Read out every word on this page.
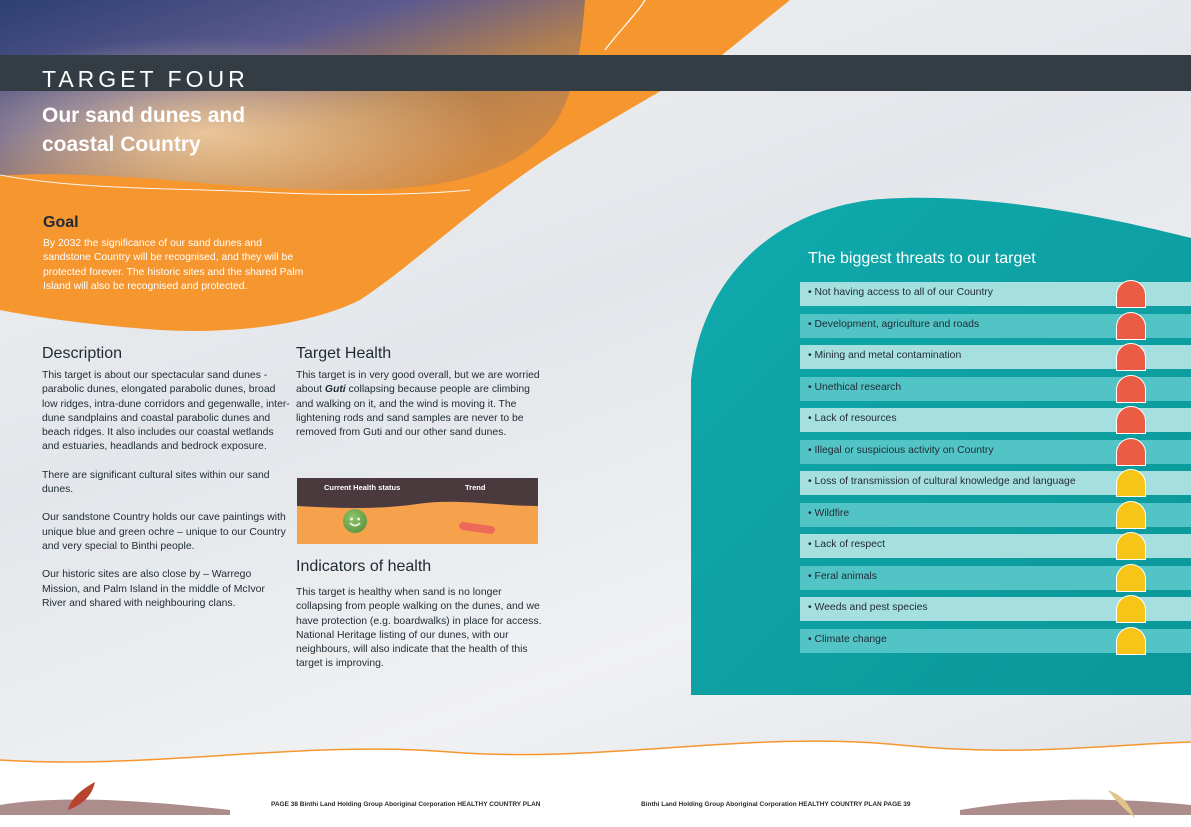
TARGET FOUR
Our sand dunes and coastal Country
Goal
By 2032 the significance of our sand dunes and sandstone Country will be recognised, and they will be protected forever. The historic sites and the shared Palm Island will also be recognised and protected.
Description

This target is about our spectacular sand dunes - parabolic dunes, elongated parabolic dunes, broad low ridges, intra-dune corridors and gegenwalle, inter-dune sandplains and coastal parabolic dunes and beach ridges. It also includes our coastal wetlands and estuaries, headlands and bedrock exposure.

There are significant cultural sites within our sand dunes.

Our sandstone Country holds our cave paintings with unique blue and green ochre – unique to our Country and very special to Binthi people.

Our historic sites are also close by – Warrego Mission, and Palm Island in the middle of McIvor River and shared with neighbouring clans.

Target Health
This target is in very good overall, but we are worried about Guti collapsing because people are climbing and walking on it, and the wind is moving it. The lightening rods and sand samples are never to be removed from Guti and our other sand dunes.
Current Health status	Trend
Indicators of health
This target is healthy when sand is no longer collapsing from people walking on the dunes, and we have protection (e.g. boardwalks) in place for access. National Heritage listing of our dunes, with our neighbours, will also indicate that the health of this target is improving.
The biggest threats to our target
• Not having access to all of our Country
• Development, agriculture and roads
• Mining and metal contamination
• Unethical research
• Lack of resources
• Illegal or suspicious activity on Country
• Loss of transmission of cultural knowledge and language
• Wildfire
• Lack of respect
• Feral animals
• Weeds and pest species
• Climate change
PAGE 38 Binthi Land Holding Group Aboriginal Corporation HEALTHY COUNTRY PLAN	Binthi Land Holding Group Aboriginal Corporation HEALTHY COUNTRY PLAN PAGE 39
